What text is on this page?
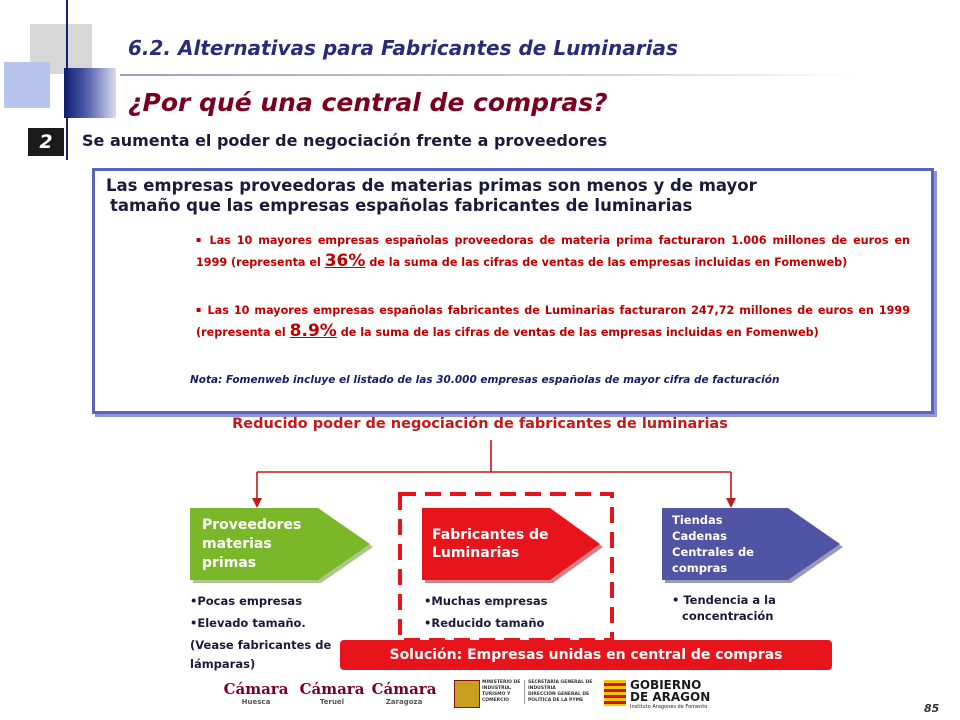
6.2. Alternativas para Fabricantes de Luminarias
¿Por qué una central de compras?
2	Se aumenta el poder de negociación frente a proveedores
Las empresas proveedoras de materias primas son menos y de mayor
tamaño que las empresas españolas fabricantes de luminarias
▪ Las 10 mayores empresas españolas proveedoras de materia prima facturaron 1.006 millones de euros en 1999 (representa el 36% de la suma de las cifras de ventas de las empresas incluidas en Fomenweb)
▪ Las 10 mayores empresas españolas fabricantes de Luminarias facturaron 247,72 millones de euros en 1999 (representa el 8.9% de la suma de las cifras de ventas de las empresas incluidas en Fomenweb)
Nota: Fomenweb incluye el listado de las 30.000 empresas españolas de mayor cifra de facturación
Reducido poder de negociación de fabricantes de luminarias
Proveedores materias primas
Fabricantes de Luminarias
Tiendas Cadenas Centrales de compras
•Pocas empresas
•Elevado tamaño.
(Vease fabricantes de
lámparas)
•Muchas empresas
•Reducido tamaño
• Tendencia a la
concentración
Solución: Empresas unidas en central de compras
Cámara
Huesca
Cámara
Teruel
Cámara
Zaragoza
MINISTERIO DE INDUSTRIA, TURISMO Y COMERCIO
SECRETARÍA GENERAL DE INDUSTRIA
DIRECCIÓN GENERAL DE POLÍTICA DE LA PYME
GOBIERNO
DE ARAGON
Instituto Aragonés de Fomento	85
